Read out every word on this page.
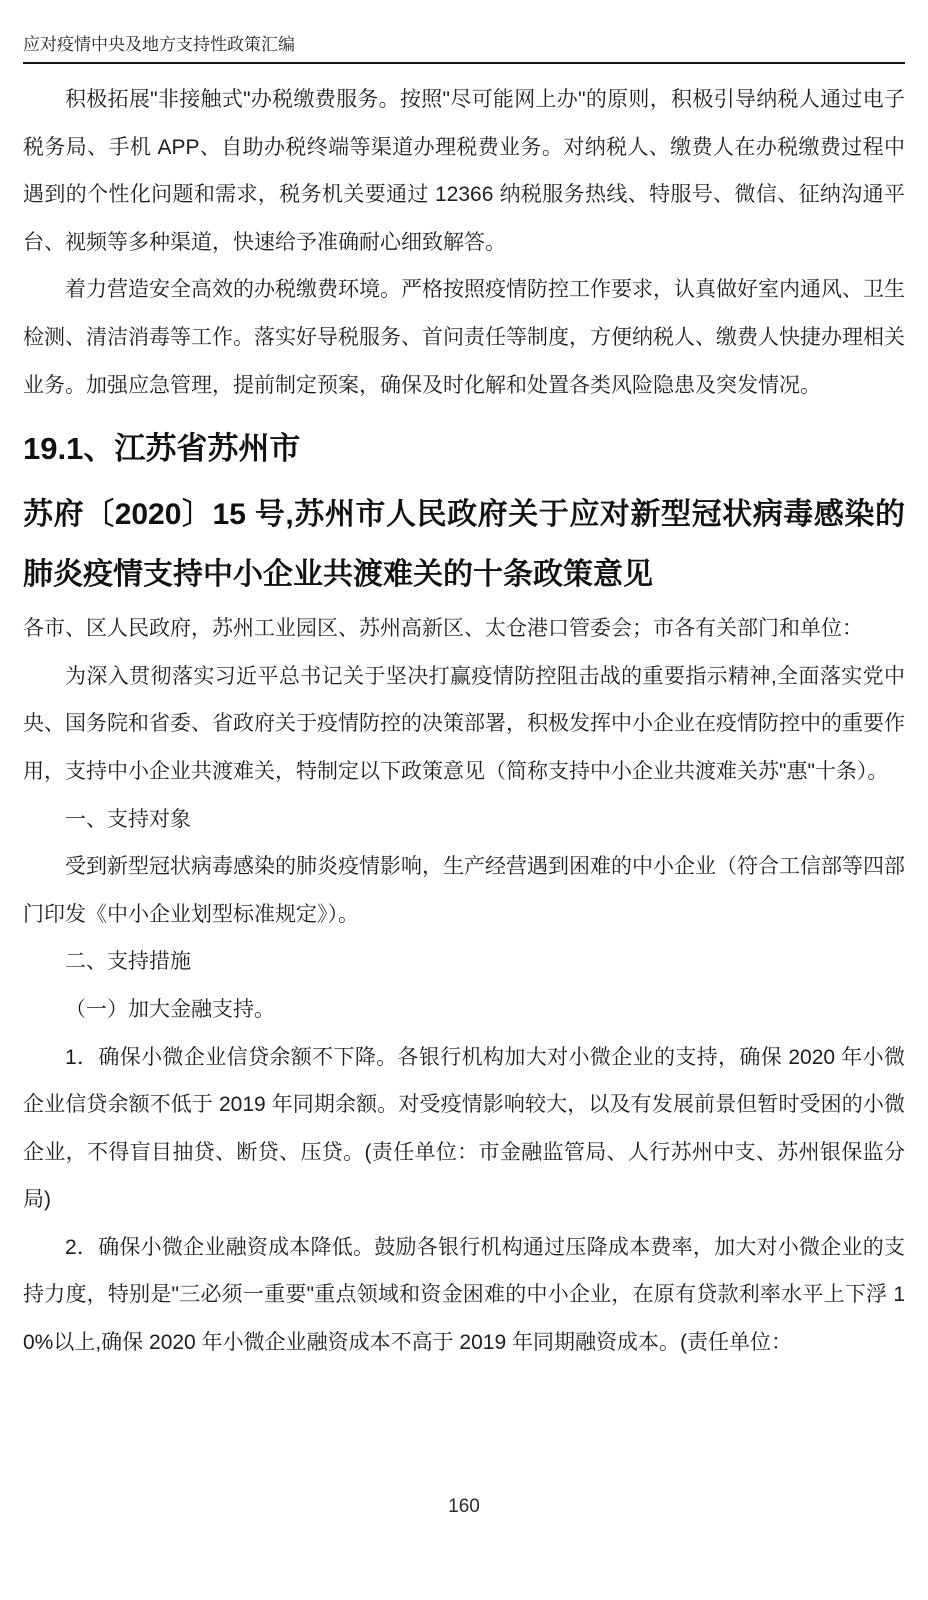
应对疫情中央及地方支持性政策汇编

积极拓展"非接触式"办税缴费服务。按照"尽可能网上办"的原则，积极引导纳税人通过电子税务局、手机 APP、自助办税终端等渠道办理税费业务。对纳税人、缴费人在办税缴费过程中遇到的个性化问题和需求，税务机关要通过 12366 纳税服务热线、特服号、微信、征纳沟通平台、视频等多种渠道，快速给予准确耐心细致解答。

着力营造安全高效的办税缴费环境。严格按照疫情防控工作要求，认真做好室内通风、卫生检测、清洁消毒等工作。落实好导税服务、首问责任等制度，方便纳税人、缴费人快捷办理相关业务。加强应急管理，提前制定预案，确保及时化解和处置各类风险隐患及突发情况。

19.1、江苏省苏州市
苏府〔2020〕15 号,苏州市人民政府关于应对新型冠状病毒感染的肺炎疫情支持中小企业共渡难关的十条政策意见

各市、区人民政府，苏州工业园区、苏州高新区、太仓港口管委会；市各有关部门和单位：

为深入贯彻落实习近平总书记关于坚决打赢疫情防控阻击战的重要指示精神,全面落实党中央、国务院和省委、省政府关于疫情防控的决策部署，积极发挥中小企业在疫情防控中的重要作用，支持中小企业共渡难关，特制定以下政策意见（简称支持中小企业共渡难关苏"惠"十条）。

一、支持对象

受到新型冠状病毒感染的肺炎疫情影响，生产经营遇到困难的中小企业（符合工信部等四部门印发《中小企业划型标准规定》）。

二、支持措施

（一）加大金融支持。

1．确保小微企业信贷余额不下降。各银行机构加大对小微企业的支持，确保 2020 年小微企业信贷余额不低于 2019 年同期余额。对受疫情影响较大，以及有发展前景但暂时受困的小微企业，不得盲目抽贷、断贷、压贷。(责任单位：市金融监管局、人行苏州中支、苏州银保监分局)

2．确保小微企业融资成本降低。鼓励各银行机构通过压降成本费率，加大对小微企业的支持力度，特别是"三必须一重要"重点领域和资金困难的中小企业，在原有贷款利率水平上下浮 10%以上,确保 2020 年小微企业融资成本不高于 2019 年同期融资成本。(责任单位：

160
